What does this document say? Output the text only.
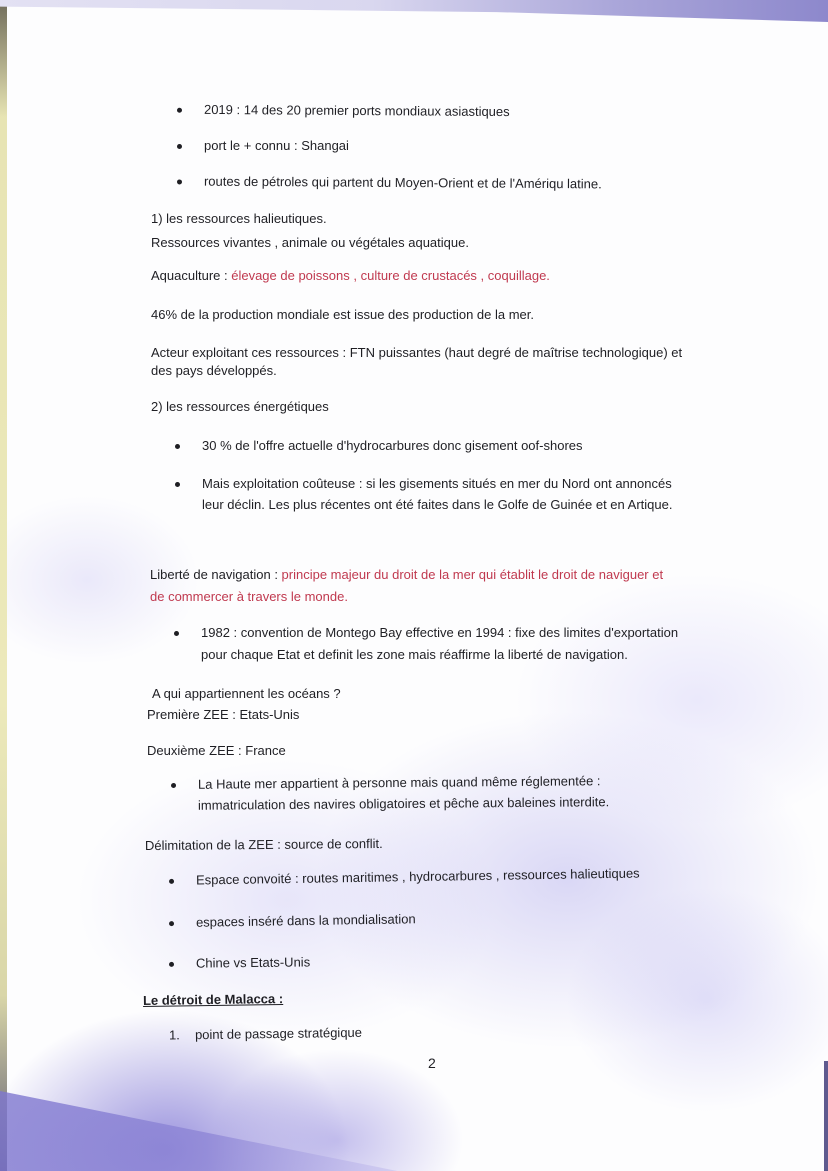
2019 : 14 des 20 premier ports mondiaux asiastiques
port le + connu : Shangai
routes de pétroles qui partent du Moyen-Orient et de l'Amériqu latine.
1) les ressources halieutiques.
Ressources vivantes , animale ou végétales aquatique.
Aquaculture : élevage de poissons , culture de crustacés , coquillage.
46% de la production mondiale est issue des production de la mer.
Acteur exploitant ces ressources : FTN puissantes (haut degré de maîtrise technologique) et
des pays développés.
2) les ressources énergétiques
30 % de l'offre actuelle d'hydrocarbures donc gisement oof-shores
Mais exploitation coûteuse : si les gisements situés en mer du Nord ont annoncés
leur déclin. Les plus récentes ont été faites dans le Golfe de Guinée et en Artique.
Liberté de navigation : principe majeur du droit de la mer qui établit le droit de naviguer et
de commercer à travers le monde.
1982 : convention de Montego Bay effective en 1994 : fixe des limites d'exportation
pour chaque Etat et definit les zone mais réaffirme la liberté de navigation.
A qui appartiennent les océans ?
Première ZEE : Etats-Unis
Deuxième ZEE : France
La Haute mer appartient à personne mais quand même réglementée :
immatriculation des navires obligatoires et pêche aux baleines interdite.
Délimitation de la ZEE : source de conflit.
Espace convoité : routes maritimes , hydrocarbures , ressources halieutiques
espaces inséré dans la mondialisation
Chine vs Etats-Unis
Le détroit de Malacca :
1. point de passage stratégique
2
